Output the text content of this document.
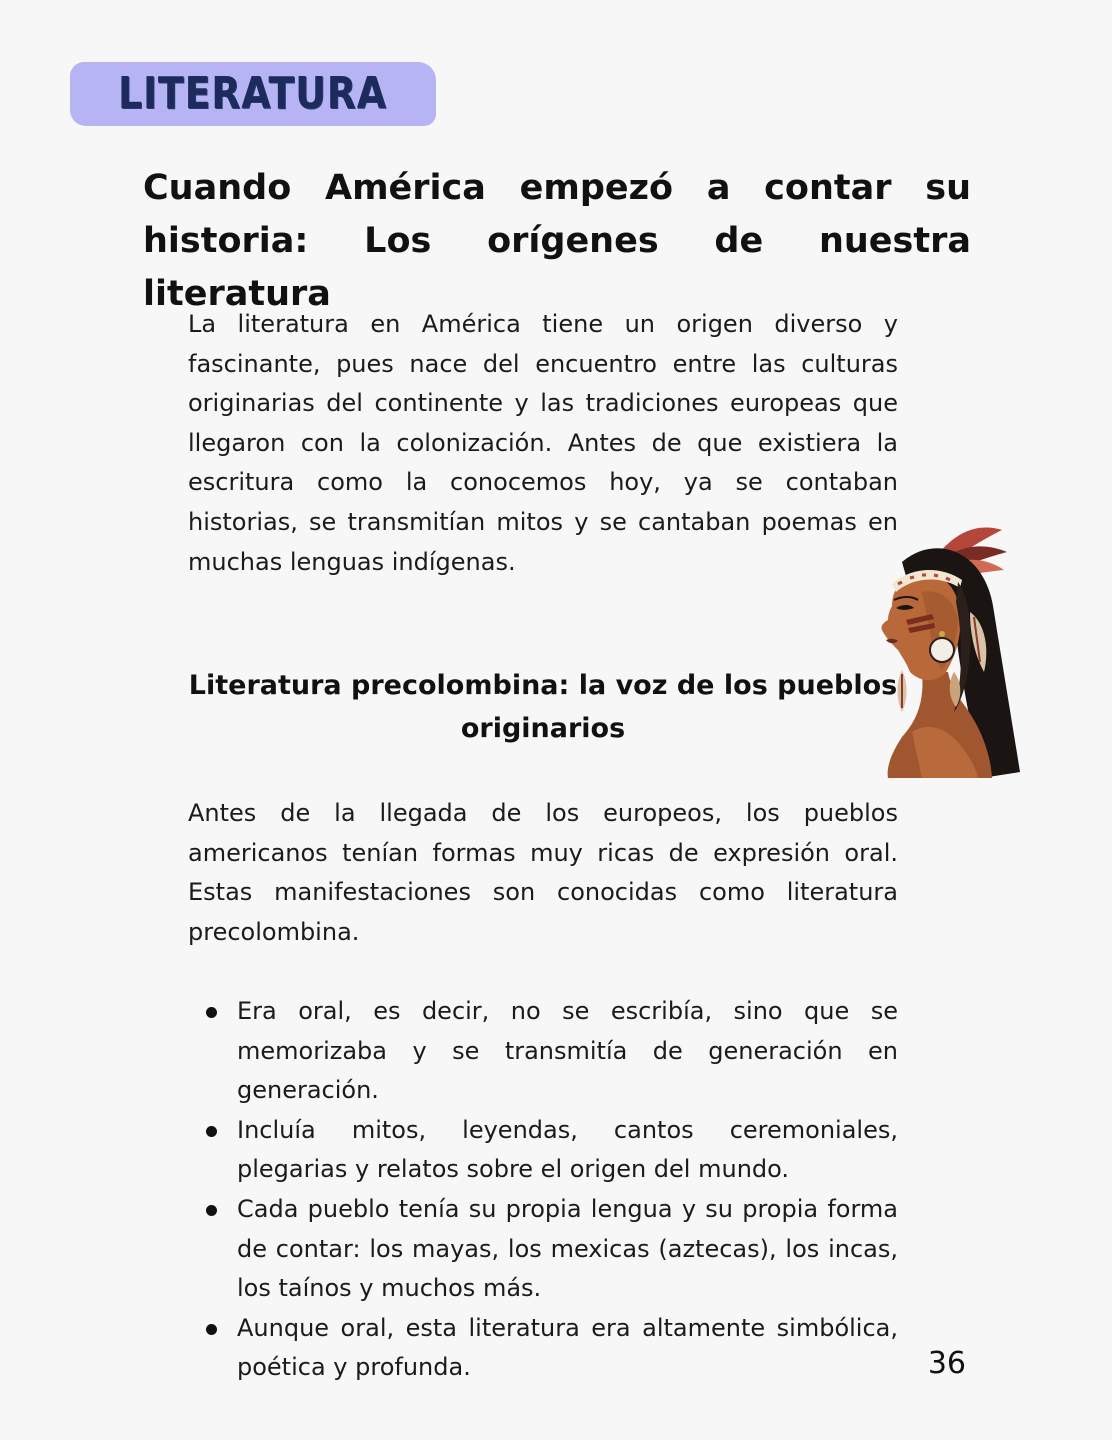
LITERATURA
Cuando América empezó a contar su historia: Los orígenes de nuestra literatura

La literatura en América tiene un origen diverso y fascinante, pues nace del encuentro entre las culturas originarias del continente y las tradiciones europeas que llegaron con la colonización. Antes de que existiera la escritura como la conocemos hoy, ya se contaban historias, se transmitían mitos y se cantaban poemas en muchas lenguas indígenas.

Literatura precolombina: la voz de los pueblos originarios

Antes de la llegada de los europeos, los pueblos americanos tenían formas muy ricas de expresión oral. Estas manifestaciones son conocidas como literatura precolombina.

Era oral, es decir, no se escribía, sino que se memorizaba y se transmitía de generación en generación.
Incluía mitos, leyendas, cantos ceremoniales, plegarias y relatos sobre el origen del mundo.
Cada pueblo tenía su propia lengua y su propia forma de contar: los mayas, los mexicas (aztecas), los incas, los taínos y muchos más.
Aunque oral, esta literatura era altamente simbólica, poética y profunda.	36
